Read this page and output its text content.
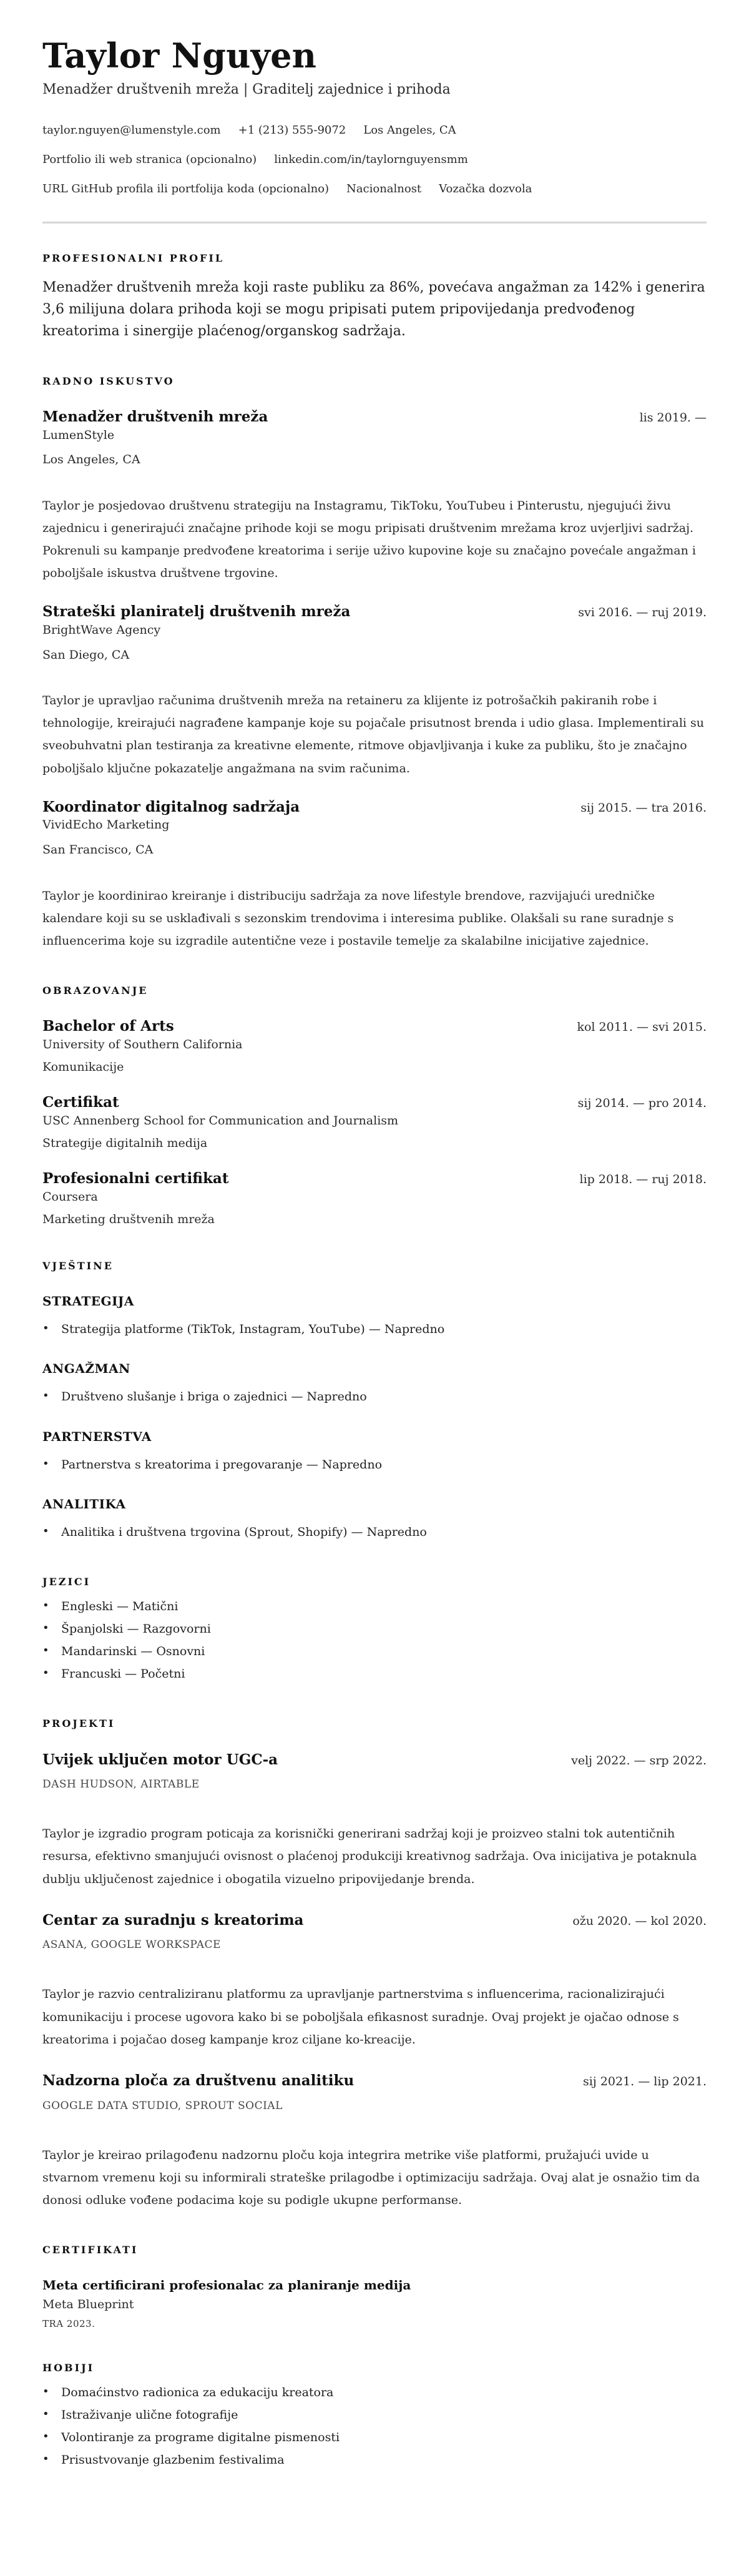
Taylor Nguyen
Menadžer društvenih mreža | Graditelj zajednice i prihoda
taylor.nguyen@lumenstyle.com +1 (213) 555-9072 Los Angeles, CA
Portfolio ili web stranica (opcionalno) linkedin.com/in/taylornguyensmm
URL GitHub profila ili portfolija koda (opcionalno) Nacionalnost Vozačka dozvola
PROFESIONALNI PROFIL

Menadžer društvenih mreža koji raste publiku za 86%, povećava angažman za 142% i generira 3,6 milijuna dolara prihoda koji se mogu pripisati putem pripovijedanja predvođenog kreatorima i sinergije plaćenog/organskog sadržaja.

RADNO ISKUSTVO
Menadžer društvenih mreža	lis 2019. —
LumenStyle
Los Angeles, CA

Taylor je posjedovao društvenu strategiju na Instagramu, TikToku, YouTubeu i Pinterustu, njegujući živu zajednicu i generirajući značajne prihode koji se mogu pripisati društvenim mrežama kroz uvjerljivi sadržaj. Pokrenuli su kampanje predvođene kreatorima i serije uživo kupovine koje su značajno povećale angažman i poboljšale iskustva društvene trgovine.

Strateški planiratelj društvenih mreža	svi 2016. — ruj 2019.
BrightWave Agency
San Diego, CA

Taylor je upravljao računima društvenih mreža na retaineru za klijente iz potrošačkih pakiranih robe i tehnologije, kreirajući nagrađene kampanje koje su pojačale prisutnost brenda i udio glasa. Implementirali su sveobuhvatni plan testiranja za kreativne elemente, ritmove objavljivanja i kuke za publiku, što je značajno poboljšalo ključne pokazatelje angažmana na svim računima.

Koordinator digitalnog sadržaja	sij 2015. — tra 2016.
VividEcho Marketing
San Francisco, CA

Taylor je koordinirao kreiranje i distribuciju sadržaja za nove lifestyle brendove, razvijajući uredničke kalendare koji su se usklađivali s sezonskim trendovima i interesima publike. Olakšali su rane suradnje s influencerima koje su izgradile autentične veze i postavile temelje za skalabilne inicijative zajednice.

OBRAZOVANJE
Bachelor of Arts	kol 2011. — svi 2015.
University of Southern California
Komunikacije
Certifikat	sij 2014. — pro 2014.
USC Annenberg School for Communication and Journalism
Strategije digitalnih medija
Profesionalni certifikat	lip 2018. — ruj 2018.
Coursera
Marketing društvenih mreža
VJEŠTINE
STRATEGIJA
• Strategija platforme (TikTok, Instagram, YouTube) — Napredno
ANGAŽMAN
• Društveno slušanje i briga o zajednici — Napredno
PARTNERSTVA
• Partnerstva s kreatorima i pregovaranje — Napredno
ANALITIKA
• Analitika i društvena trgovina (Sprout, Shopify) — Napredno
JEZICI
• Engleski — Matični
• Španjolski — Razgovorni
• Mandarinski — Osnovni
• Francuski — Početni
PROJEKTI
Uvijek uključen motor UGC-a	velj 2022. — srp 2022.
DASH HUDSON, AIRTABLE

Taylor je izgradio program poticaja za korisnički generirani sadržaj koji je proizveo stalni tok autentičnih resursa, efektivno smanjujući ovisnost o plaćenoj produkciji kreativnog sadržaja. Ova inicijativa je potaknula dublju uključenost zajednice i obogatila vizuelno pripovijedanje brenda.

Centar za suradnju s kreatorima	ožu 2020. — kol 2020.
ASANA, GOOGLE WORKSPACE

Taylor je razvio centraliziranu platformu za upravljanje partnerstvima s influencerima, racionalizirajući komunikaciju i procese ugovora kako bi se poboljšala efikasnost suradnje. Ovaj projekt je ojačao odnose s kreatorima i pojačao doseg kampanje kroz ciljane ko-kreacije.

Nadzorna ploča za društvenu analitiku	sij 2021. — lip 2021.
GOOGLE DATA STUDIO, SPROUT SOCIAL

Taylor je kreirao prilagođenu nadzornu ploču koja integrira metrike više platformi, pružajući uvide u stvarnom vremenu koji su informirali strateške prilagodbe i optimizaciju sadržaja. Ovaj alat je osnažio tim da donosi odluke vođene podacima koje su podigle ukupne performanse.

CERTIFIKATI
Meta certificirani profesionalac za planiranje medija
Meta Blueprint
TRA 2023.
HOBIJI
• Domaćinstvo radionica za edukaciju kreatora
• Istraživanje ulične fotografije
• Volontiranje za programe digitalne pismenosti
• Prisustvovanje glazbenim festivalima
